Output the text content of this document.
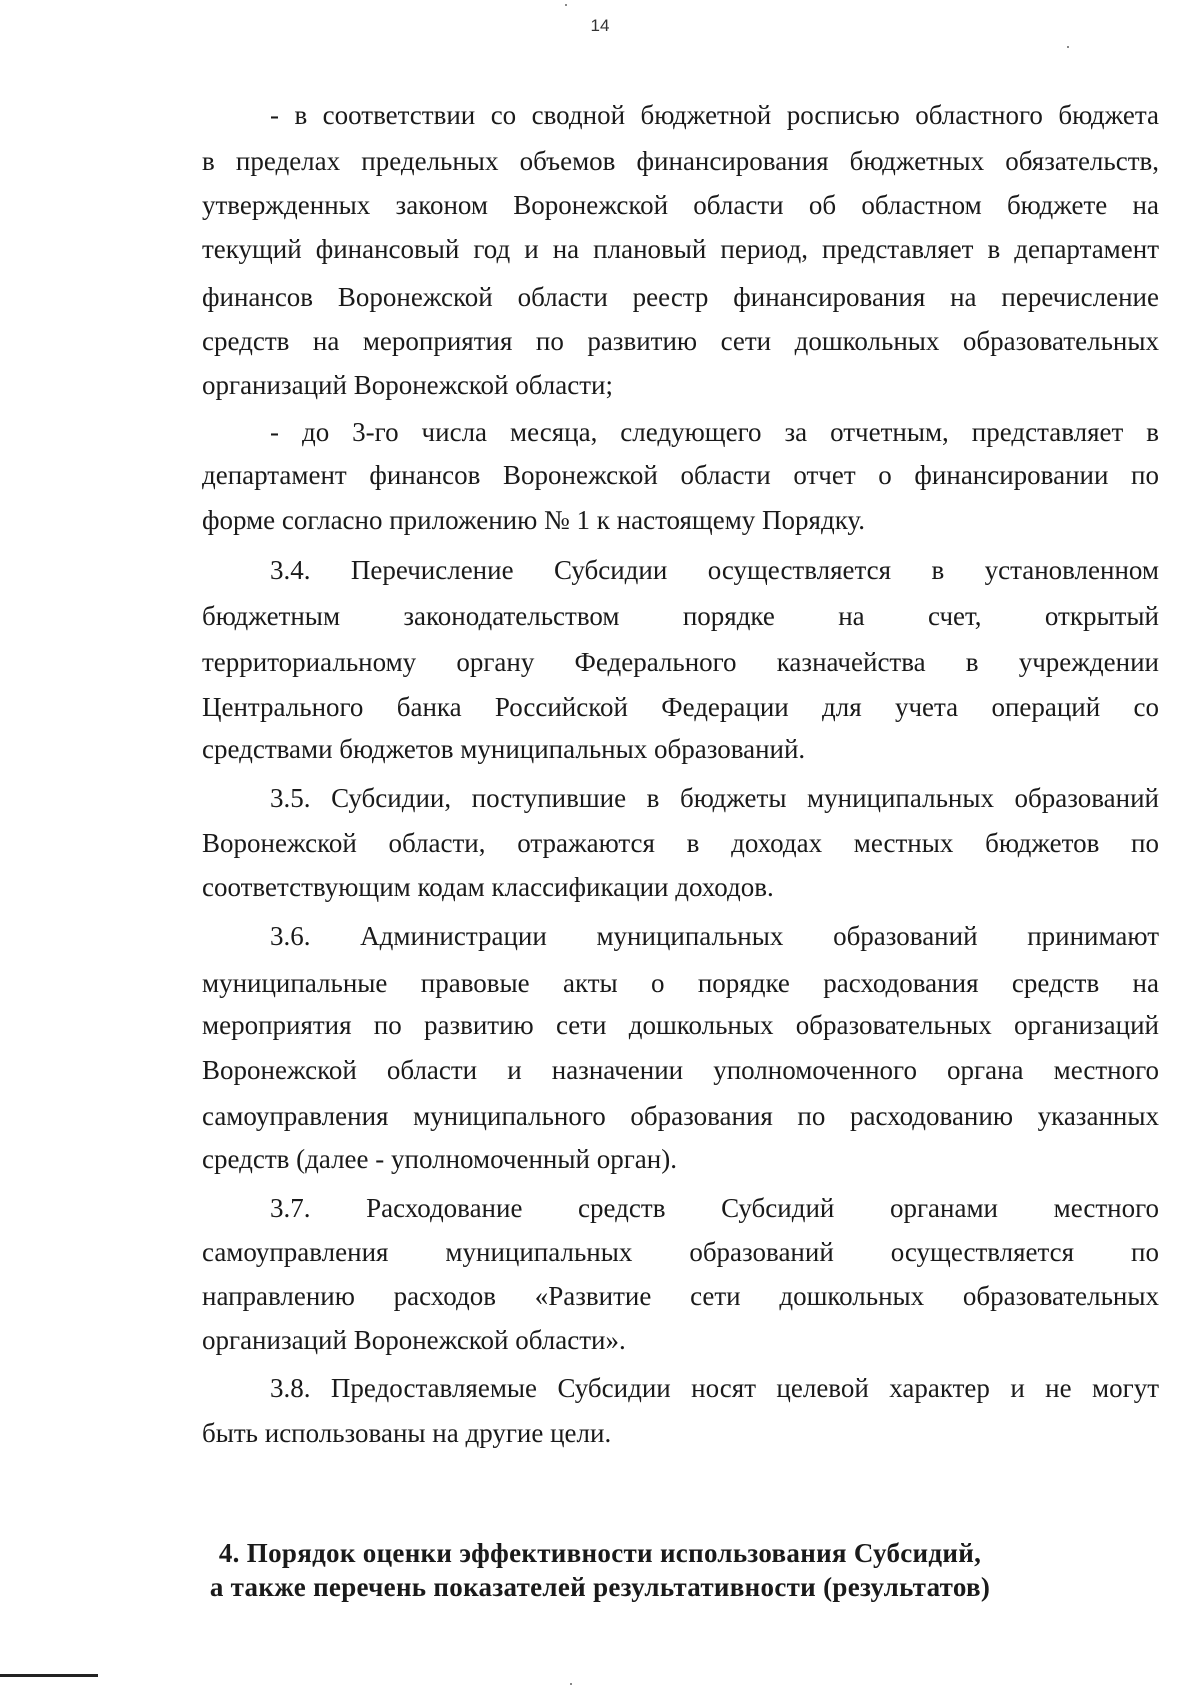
14
- в соответствии со сводной бюджетной росписью областного бюджета
в пределах предельных объемов финансирования бюджетных обязательств,
утвержденных законом Воронежской области об областном бюджете на
текущий финансовый год и на плановый период, представляет в департамент
финансов Воронежской области реестр финансирования на перечисление
средств на мероприятия по развитию сети дошкольных образовательных
организаций Воронежской области;
- до 3-го числа месяца, следующего за отчетным, представляет в
департамент финансов Воронежской области отчет о финансировании по
форме согласно приложению № 1 к настоящему Порядку.
3.4. Перечисление Субсидии осуществляется в установленном
бюджетным законодательством порядке на счет, открытый
территориальному органу Федерального казначейства в учреждении
Центрального банка Российской Федерации для учета операций со
средствами бюджетов муниципальных образований.
3.5. Субсидии, поступившие в бюджеты муниципальных образований
Воронежской области, отражаются в доходах местных бюджетов по
соответствующим кодам классификации доходов.
3.6. Администрации муниципальных образований принимают
муниципальные правовые акты о порядке расходования средств на
мероприятия по развитию сети дошкольных образовательных организаций
Воронежской области и назначении уполномоченного органа местного
самоуправления муниципального образования по расходованию указанных
средств (далее - уполномоченный орган).
3.7. Расходование средств Субсидий органами местного
самоуправления муниципальных образований осуществляется по
направлению расходов «Развитие сети дошкольных образовательных
организаций Воронежской области».
3.8. Предоставляемые Субсидии носят целевой характер и не могут
быть использованы на другие цели.
4. Порядок оценки эффективности использования Субсидий,
а также перечень показателей результативности (результатов)
